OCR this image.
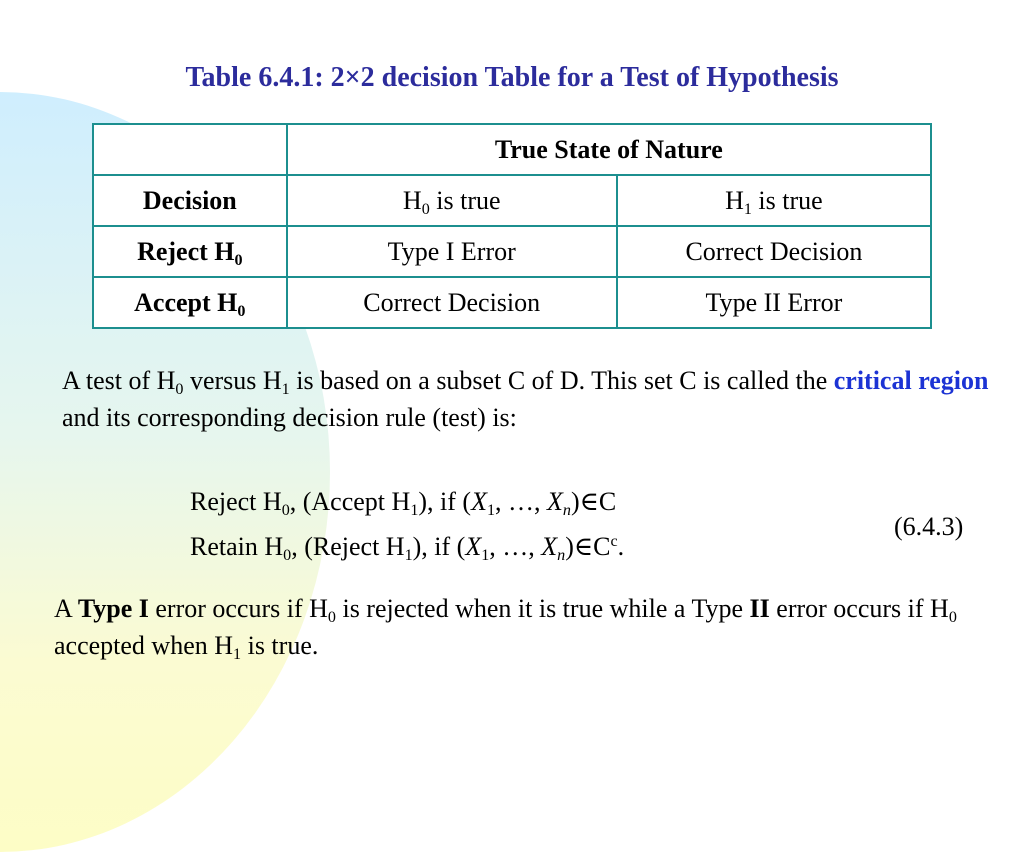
Table 6.4.1: 2×2 decision Table for a Test of Hypothesis
	True State of Nature	
Decision	$H_0$ is true	$H_1$ is true
Reject $H_0$	Type I Error	Correct Decision
Accept $H_0$	Correct Decision	Type II Error
A test of $H_0$ versus $H_1$ is based on a subset C of D. This set C is called the critical region and its corresponding decision rule (test) is:
Reject $H_0$, (Accept $H_1$), if ($X_1$, …, $X_n)\in C$
Retain $H_0$, (Reject $H_1$), if ($X_1$, …, $X_n)\in C^c$.
(6.4.3)
A Type I error occurs if $H_0$ is rejected when it is true while a Type II error occurs if $H_0$ accepted when $H_1$ is true.
